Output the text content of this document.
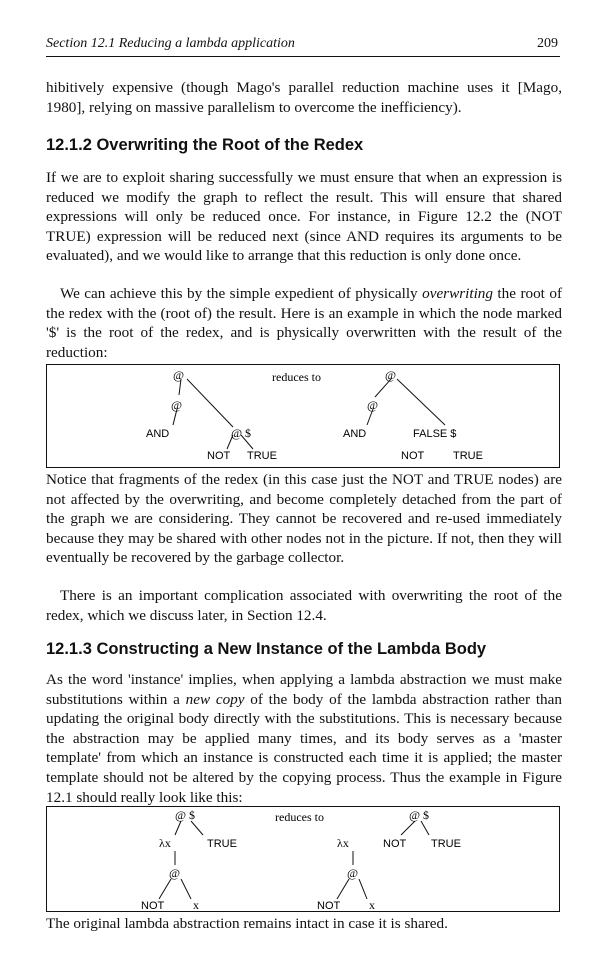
Section 12.1 Reducing a lambda application	209

hibitively expensive (though Mago's parallel reduction machine uses it [Mago, 1980], relying on massive parallelism to overcome the inefficiency).

12.1.2 Overwriting the Root of the Redex

If we are to exploit sharing successfully we must ensure that when an expression is reduced we modify the graph to reflect the result. This will ensure that shared expressions will only be reduced once. For instance, in Figure 12.2 the (NOT TRUE) expression will be reduced next (since AND requires its arguments to be evaluated), and we would like to arrange that this reduction is only done once.

We can achieve this by the simple expedient of physically overwriting the root of the redex with the (root of) the result. Here is an example in which the node marked '$' is the root of the redex, and is physically overwritten with the result of the reduction:

@
@
AND	@ $
NOT TRUE
reduces to	@
@
AND	FALSE $
NOT	TRUE

Notice that fragments of the redex (in this case just the NOT and TRUE nodes) are not affected by the overwriting, and become completely detached from the part of the graph we are considering. They cannot be recovered and re-used immediately because they may be shared with other nodes not in the picture. If not, then they will eventually be recovered by the garbage collector.

There is an important complication associated with overwriting the root of the redex, which we discuss later, in Section 12.4.

12.1.3 Constructing a New Instance of the Lambda Body

As the word 'instance' implies, when applying a lambda abstraction we must make substitutions within a new copy of the body of the lambda abstraction rather than updating the original body directly with the substitutions. This is necessary because the abstraction may be applied many times, and its body serves as a 'master template' from which an instance is constructed each time it is applied; the master template should not be altered by the copying process. Thus the example in Figure 12.1 should really look like this:

@ $
λx	TRUE
@
NOT x
reduces to	@ $
λx	NOT TRUE
@
NOT x

The original lambda abstraction remains intact in case it is shared.
